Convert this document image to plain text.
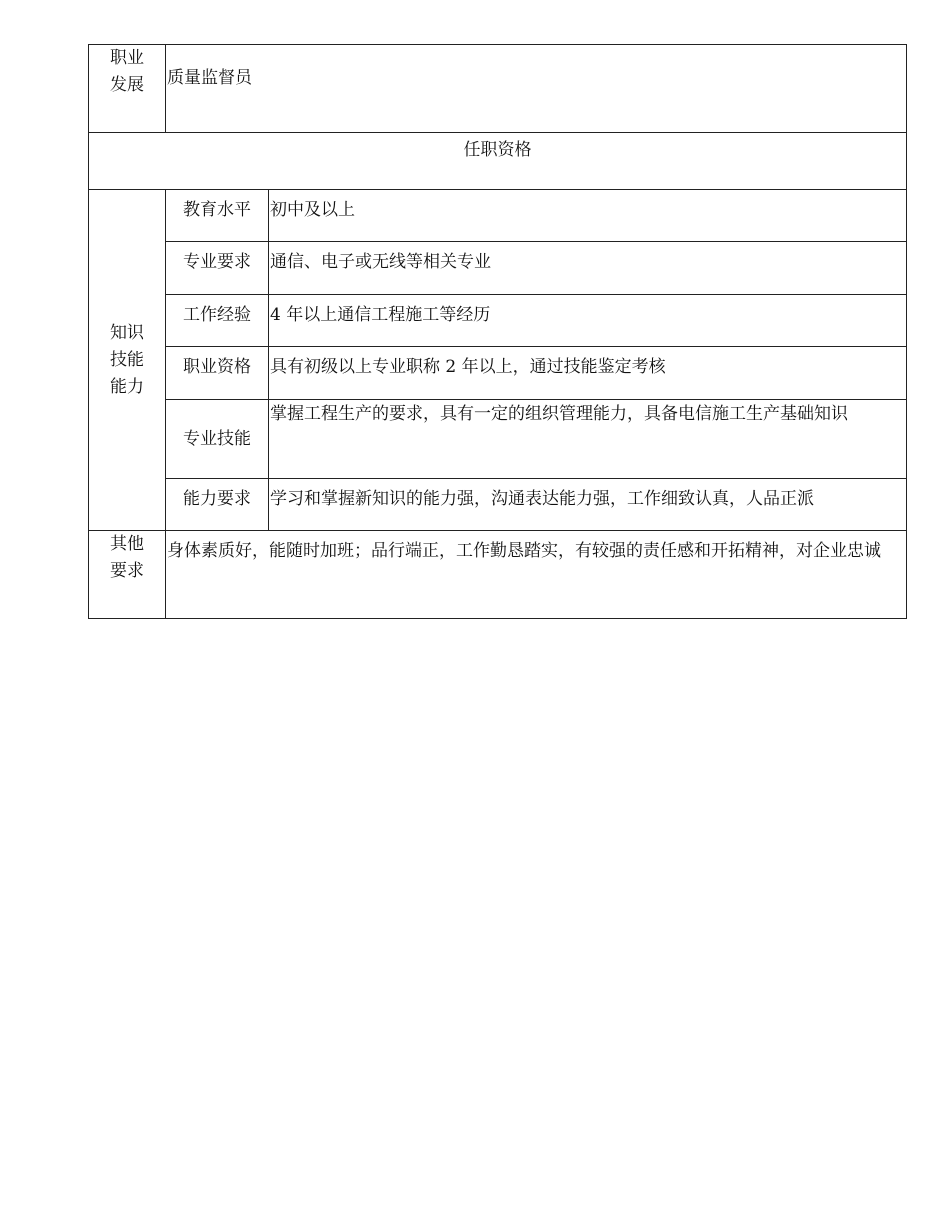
职业发展	质量监督员	
任职资格		
知识技能能力	教育水平	初中及以上
	专业要求	通信、电子或无线等相关专业
	工作经验	4 年以上通信工程施工等经历
	职业资格	具有初级以上专业职称 2 年以上，通过技能鉴定考核
	专业技能	掌握工程生产的要求，具有一定的组织管理能力，具备电信施工生产基础知识
	能力要求	学习和掌握新知识的能力强，沟通表达能力强，工作细致认真，人品正派
其他要求	身体素质好，能随时加班；品行端正，工作勤恳踏实，有较强的责任感和开拓精神，对企业忠诚	
